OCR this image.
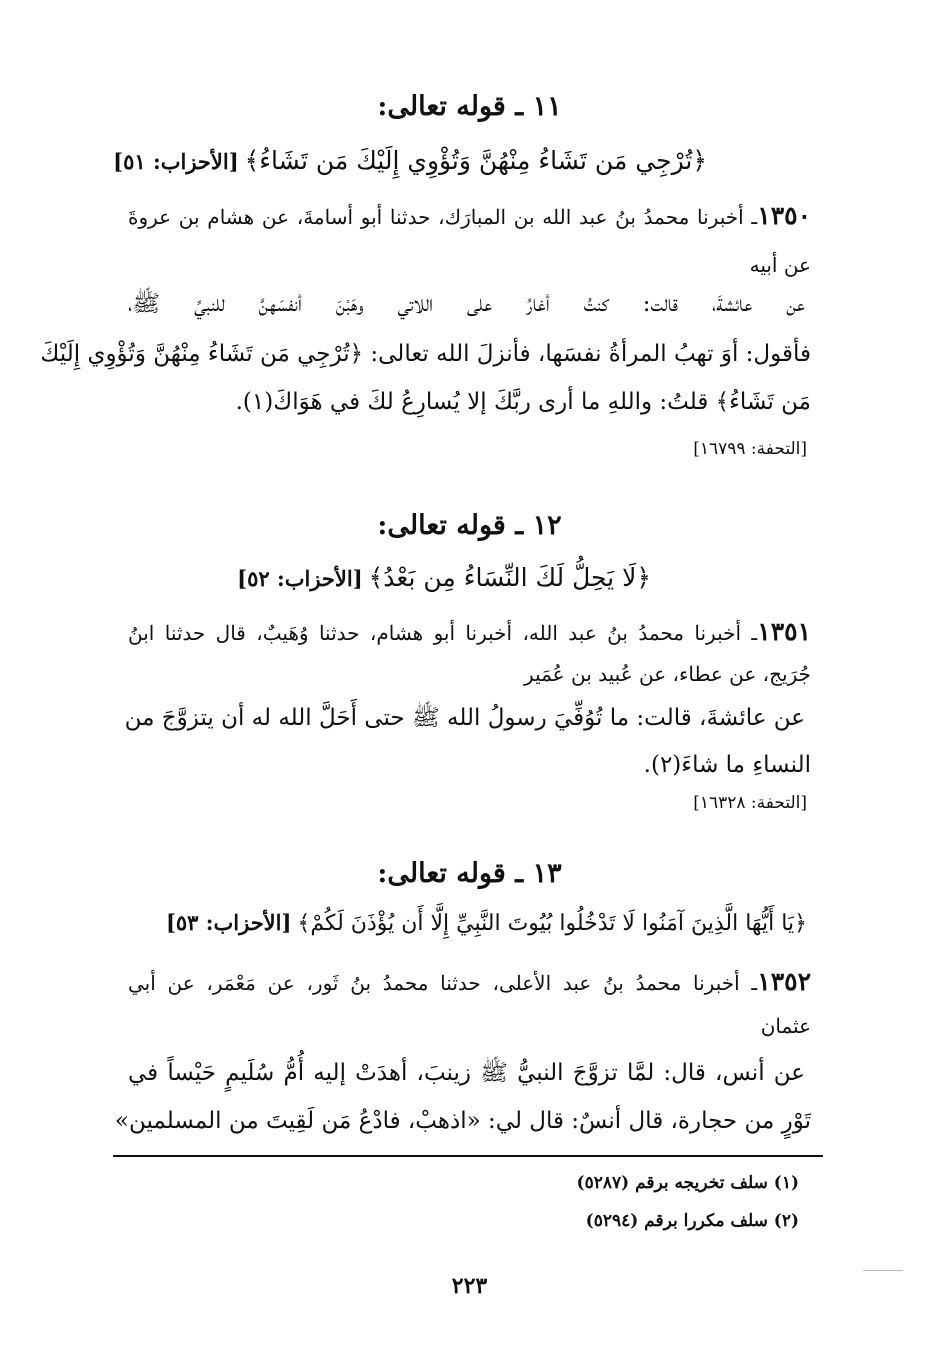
١١ ـ قوله تعالى:
﴿تُرْجِي مَن تَشَاءُ مِنْهُنَّ وَتُؤْوِي إِلَيْكَ مَن تَشَاءُ﴾[الأحزاب: ٥١]
١٣٥٠ـ أخبرنا محمدُ بنُ عبد الله بن المبارَك، حدثنا أبو أسامةَ، عن هشام بن عروةَ
عن أبيه
عن عائشةَ، قالت: كنتُ أغارُ على اللاتي وهَبْنَ أنفسَهنَّ للنبيِّ ﷺ،
فأقول: أوَ تهبُ المرأةُ نفسَها، فأنزلَ الله تعالى: ﴿تُرْجِي مَن تَشَاءُ مِنْهُنَّ وَتُؤْوِي إِلَيْكَ
مَن تَشَاءُ﴾ قلتُ: واللهِ ما أرى ربَّكَ إلا يُسارِعُ لكَ في هَوَاكَ(١).
[التحفة: ١٦٧٩٩]
١٢ ـ قوله تعالى:
﴿لَا يَحِلُّ لَكَ النِّسَاءُ مِن بَعْدُ﴾[الأحزاب: ٥٢]
١٣٥١ـ أخبرنا محمدُ بنُ عبد الله، أخبرنا أبو هشام، حدثنا وُهَيبٌ، قال حدثنا ابنُ
جُرَيج، عن عطاء، عن عُبيد بن عُمَير
عن عائشةَ، قالت: ما تُوُفِّيَ رسولُ الله ﷺ حتى أَحَلَّ الله له أن يتزوَّجَ من
النساءِ ما شاءَ(٢).
[التحفة: ١٦٣٢٨]
١٣ ـ قوله تعالى:
﴿يَا أَيُّهَا الَّذِينَ آمَنُوا لَا تَدْخُلُوا بُيُوتَ النَّبِيِّ إِلَّا أَن يُؤْذَنَ لَكُمْ﴾[الأحزاب: ٥٣]
١٣٥٢ـ أخبرنا محمدُ بنُ عبد الأعلى، حدثنا محمدُ بنُ ثَور، عن مَعْمَر، عن أبي
عثمان
عن أنس، قال: لمَّا تزوَّجَ النبيُّ ﷺ زينبَ، أهدَتْ إليه أُمُّ سُلَيمٍ حَيْساً في
تَوْرٍ من حجارة، قال أنسٌ: قال لي: «اذهبْ، فادْعُ مَن لَقِيتَ من المسلمين»
(١) سلف تخريجه برقم (٥٢٨٧)
(٢) سلف مكررا برقم (٥٢٩٤)
٢٢٣
